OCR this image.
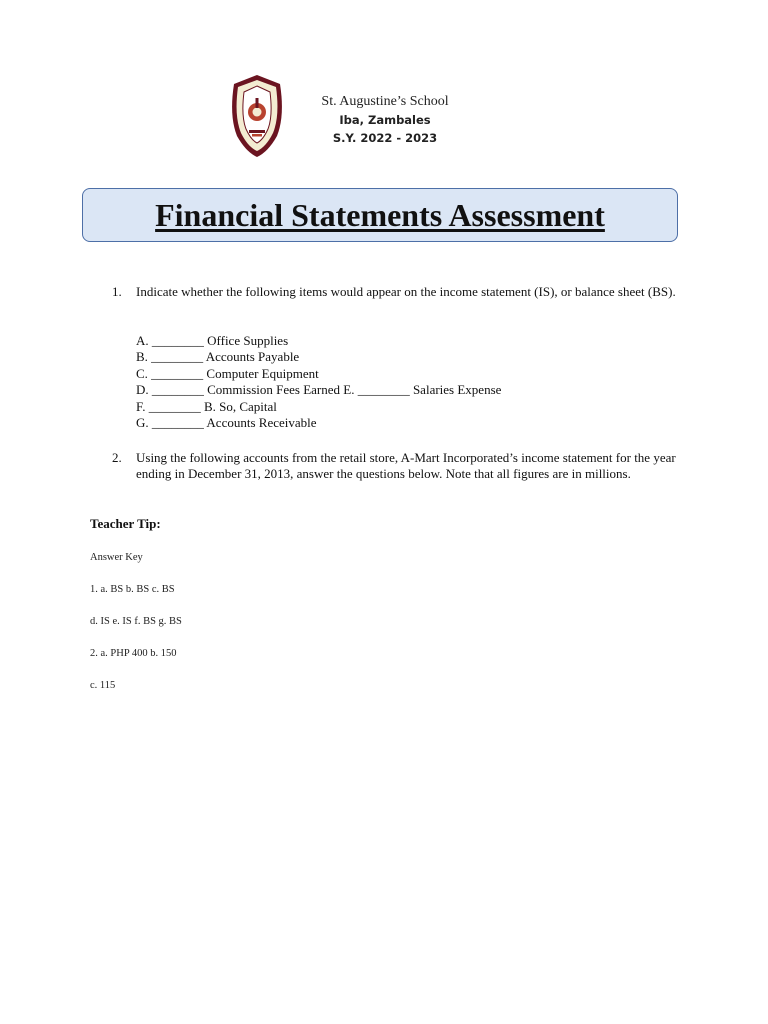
St. Augustine’s School
Iba, Zambales
S.Y. 2022 - 2023
Financial Statements Assessment
1. Indicate whether the following items would appear on the income statement (IS), or balance sheet (BS).
A. ________ Office Supplies
B. ________ Accounts Payable
C. ________ Computer Equipment
D. ________ Commission Fees Earned E. ________ Salaries Expense
F. ________ B. So, Capital
G. ________ Accounts Receivable
2. Using the following accounts from the retail store, A-Mart Incorporated’s income statement for the year ending in December 31, 2013, answer the questions below. Note that all figures are in millions.
Teacher Tip:
Answer Key
1. a. BS b. BS c. BS
d. IS e. IS f. BS g. BS
2. a. PHP 400 b. 150
c. 115
